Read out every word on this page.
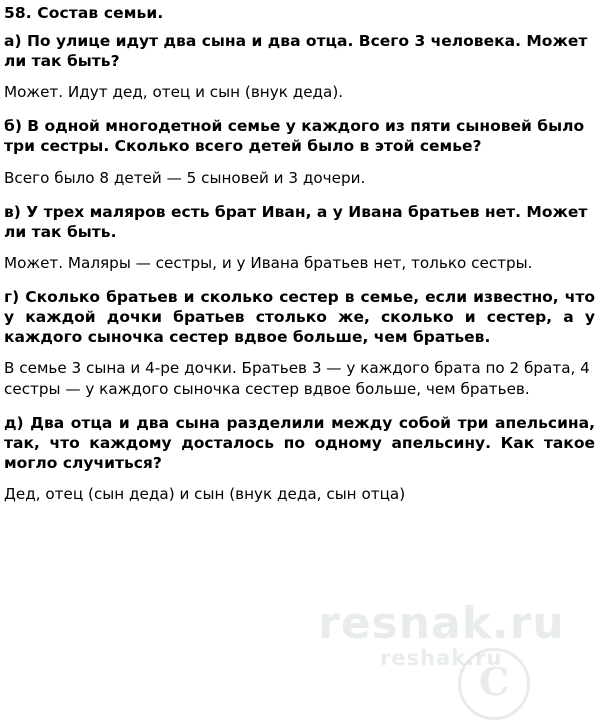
58. Состав семьи.
а) По улице идут два сына и два отца. Всего 3 человека. Может ли так быть?
Может. Идут дед, отец и сын (внук деда).
б) В одной многодетной семье у каждого из пяти сыновей было три сестры. Сколько всего детей было в этой семье?
Всего было 8 детей — 5 сыновей и 3 дочери.
в) У трех маляров есть брат Иван, а у Ивана братьев нет. Может ли так быть.
Может. Маляры — сестры, и у Ивана братьев нет, только сестры.
г) Сколько братьев и сколько сестер в семье, если известно, что у каждой дочки братьев столько же, сколько и сестер, а у каждого сыночка сестер вдвое больше, чем братьев.
В семье 3 сына и 4-ре дочки. Братьев 3 — у каждого брата по 2 брата, 4 сестры — у каждого сыночка сестер вдвое больше, чем братьев.
д) Два отца и два сына разделили между собой три апельсина, так, что каждому досталось по одному апельсину. Как такое могло случиться?
Дед, отец (сын деда) и сын (внук деда, сын отца)
resnak.ru
reshak.ru
C
